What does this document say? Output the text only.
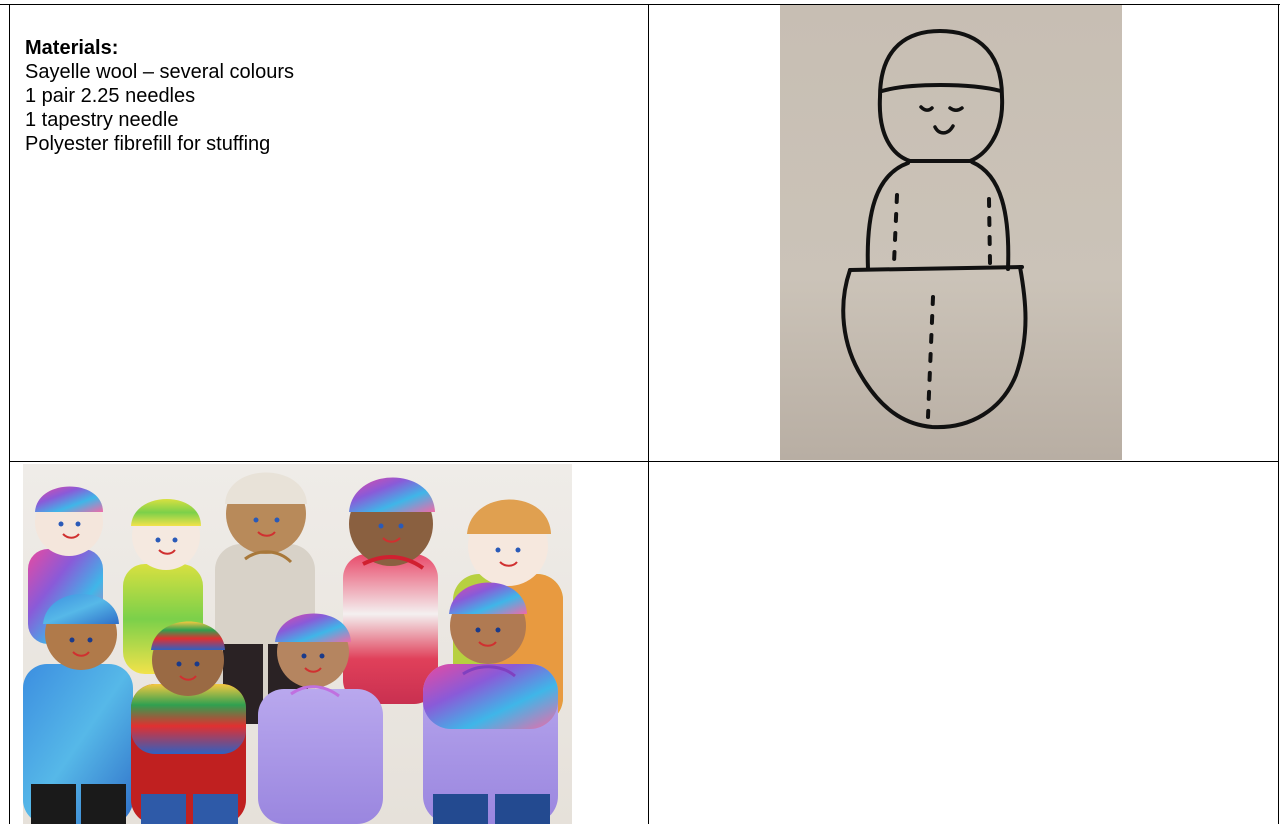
Materials:
Sayelle wool – several colours
1 pair 2.25 needles
1 tapestry needle
Polyester fibrefill for stuffing
